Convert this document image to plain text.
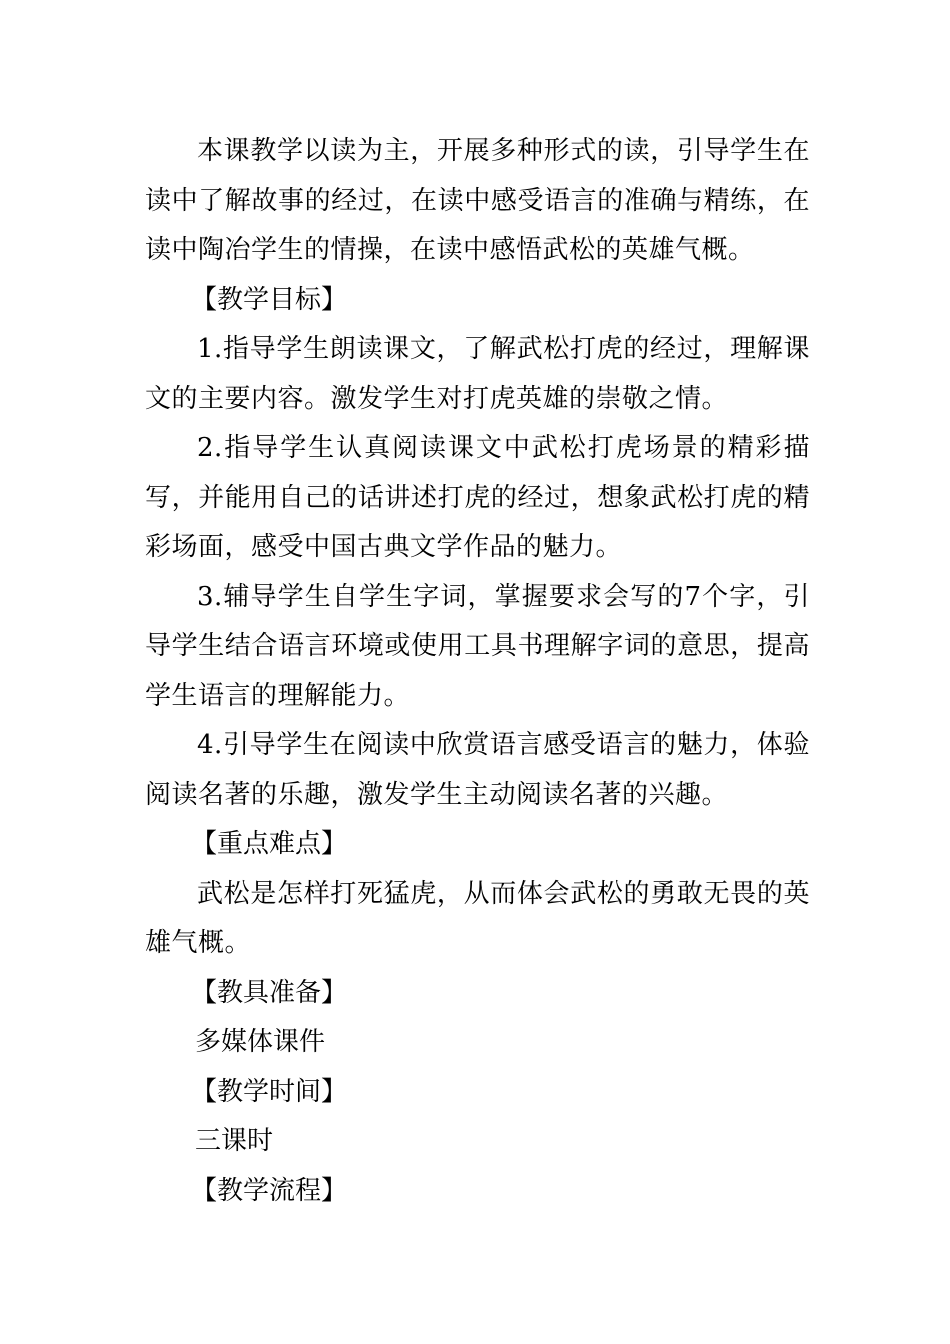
本课教学以读为主，开展多种形式的读，引导学生在读中了解故事的经过，在读中感受语言的准确与精练，在读中陶冶学生的情操，在读中感悟武松的英雄气概。

【教学目标】

1.指导学生朗读课文，了解武松打虎的经过，理解课文的主要内容。激发学生对打虎英雄的崇敬之情。

2.指导学生认真阅读课文中武松打虎场景的精彩描写，并能用自己的话讲述打虎的经过，想象武松打虎的精彩场面，感受中国古典文学作品的魅力。

3.辅导学生自学生字词，掌握要求会写的7个字，引导学生结合语言环境或使用工具书理解字词的意思，提高学生语言的理解能力。

4.引导学生在阅读中欣赏语言感受语言的魅力，体验阅读名著的乐趣，激发学生主动阅读名著的兴趣。

【重点难点】

武松是怎样打死猛虎，从而体会武松的勇敢无畏的英雄气概。

【教具准备】

多媒体课件

【教学时间】

三课时

【教学流程】
